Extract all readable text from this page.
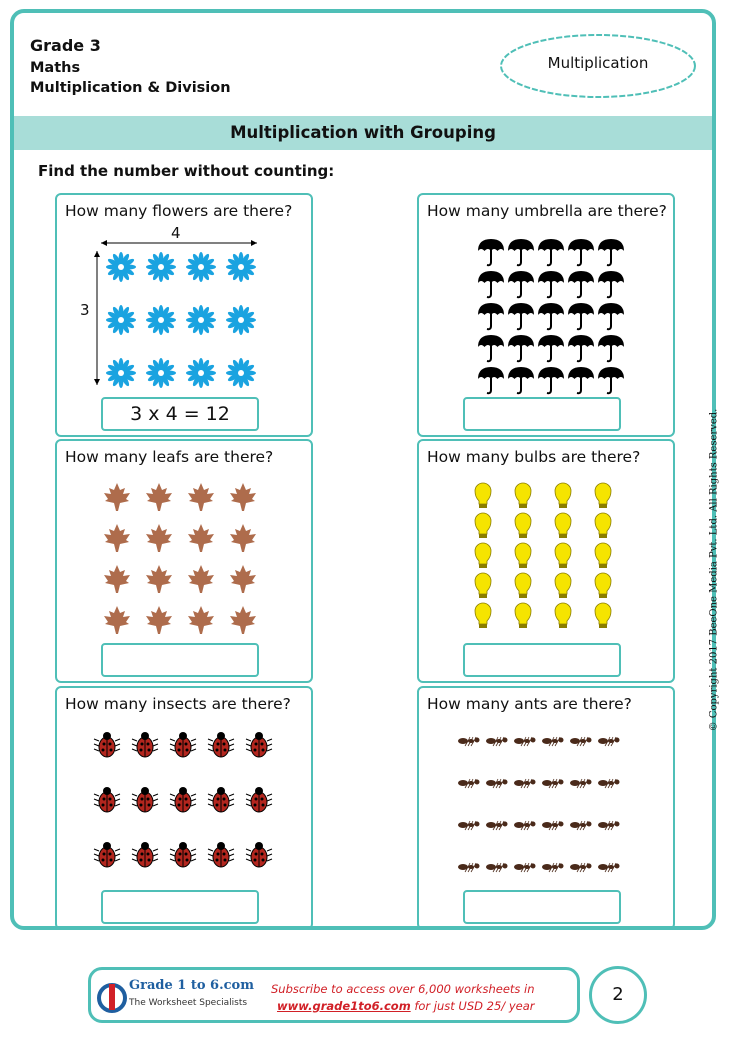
Grade 3
Maths
Multiplication & Division
Multiplication
Multiplication with Grouping
Find the number without counting:
How many flowers are there?
4
3
3 x 4 = 12
How many umbrella are there?
How many leafs are there?	How many bulbs are there?
How many insects are there?	How many ants are there?	© Copyright 2017 BeeOne Media Pvt. Ltd. All Rights Reserved.
Grade 1 to 6.com
The Worksheet Specialists
Subscribe to access over 6,000 worksheets in
www.grade1to6.com for just USD 25/ year
2
